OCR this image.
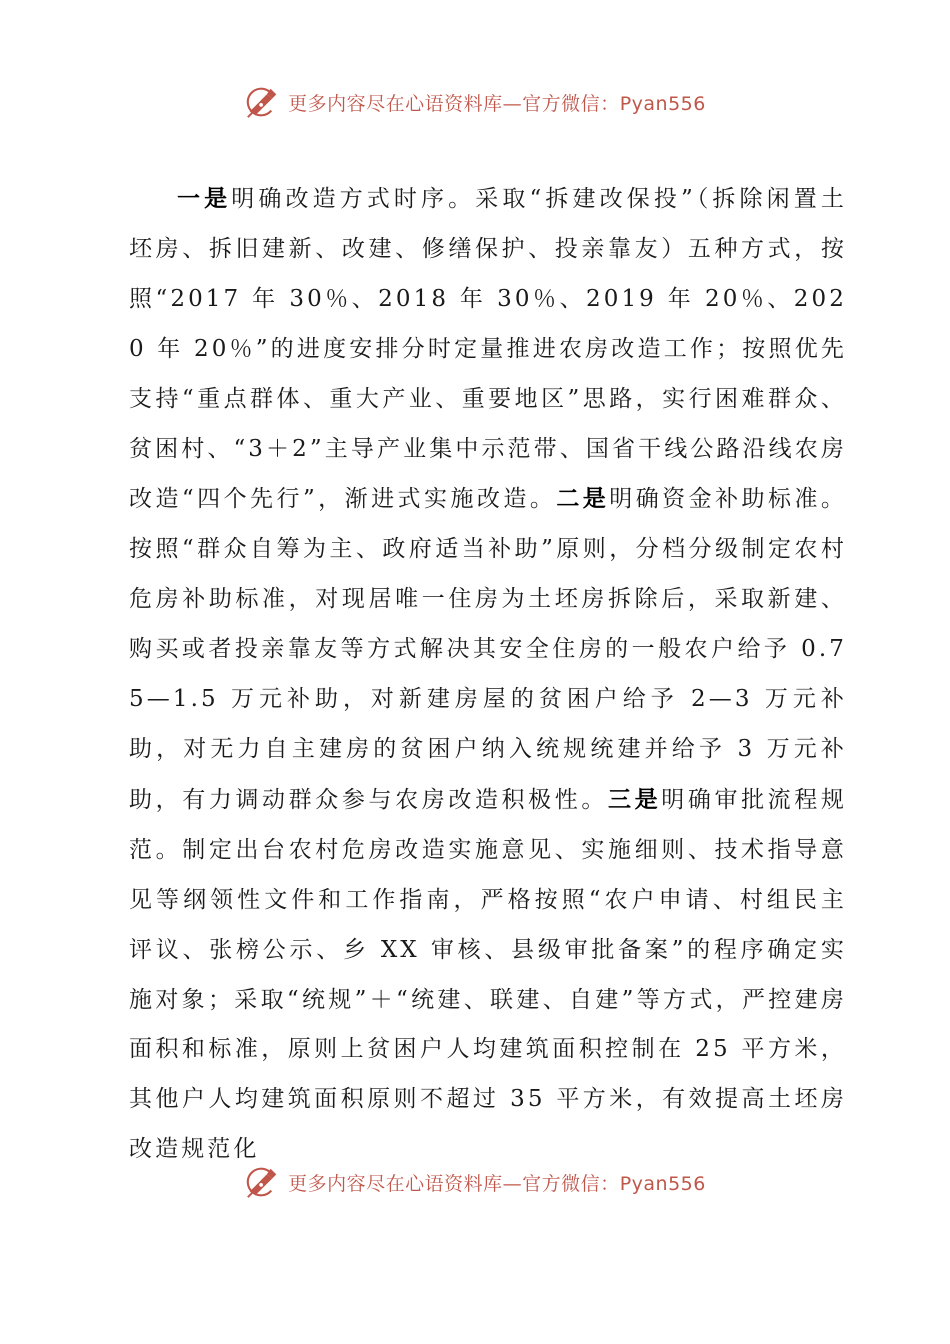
更多内容尽在心语资料库—官方微信：Pyan556

一是明确改造方式时序。采取“拆建改保投”（拆除闲置土坯房、拆旧建新、改建、修缮保护、投亲靠友）五种方式，按照“2017 年 30％、2018 年 30％、2019 年 20％、2020 年 20％”的进度安排分时定量推进农房改造工作；按照优先支持“重点群体、重大产业、重要地区”思路，实行困难群众、贫困村、“3＋2”主导产业集中示范带、国省干线公路沿线农房改造“四个先行”，渐进式实施改造。二是明确资金补助标准。按照“群众自筹为主、政府适当补助”原则，分档分级制定农村危房补助标准，对现居唯一住房为土坯房拆除后，采取新建、购买或者投亲靠友等方式解决其安全住房的一般农户给予 0.75—1.5 万元补助，对新建房屋的贫困户给予 2—3 万元补助，对无力自主建房的贫困户纳入统规统建并给予 3 万元补助，有力调动群众参与农房改造积极性。三是明确审批流程规范。制定出台农村危房改造实施意见、实施细则、技术指导意见等纲领性文件和工作指南，严格按照“农户申请、村组民主评议、张榜公示、乡 XX 审核、县级审批备案”的程序确定实施对象；采取“统规”＋“统建、联建、自建”等方式，严控建房面积和标准，原则上贫困户人均建筑面积控制在 25 平方米，其他户人均建筑面积原则不超过 35 平方米，有效提高土坯房改造规范化

更多内容尽在心语资料库—官方微信：Pyan556
